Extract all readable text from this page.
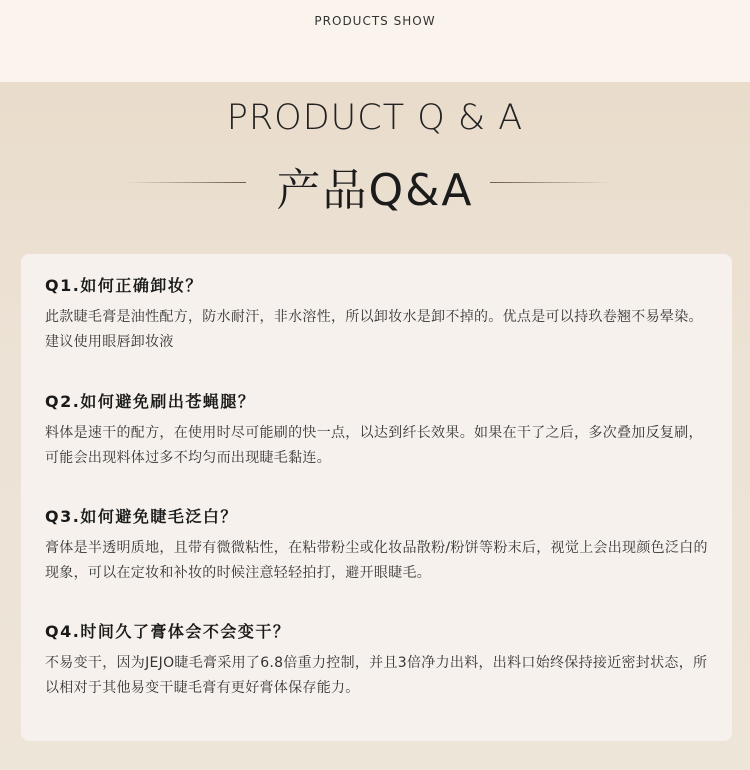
PRODUCTS SHOW
PRODUCT Q & A
产品Q&A
Q1.如何正确卸妆？
此款睫毛膏是油性配方，防水耐汗，非水溶性，所以卸妆水是卸不掉的。优点是可以持玖卷翘不易晕染。建议使用眼唇卸妆液
Q2.如何避免刷出苍蝇腿？
料体是速干的配方，在使用时尽可能刷的快一点，以达到纤长效果。如果在干了之后，多次叠加反复刷，可能会出现料体过多不均匀而出现睫毛黏连。
Q3.如何避免睫毛泛白？
膏体是半透明质地，且带有微微粘性，在粘带粉尘或化妆品散粉/粉饼等粉末后，视觉上会出现颜色泛白的现象，可以在定妆和补妆的时候注意轻轻拍打，避开眼睫毛。
Q4.时间久了膏体会不会变干？
不易变干，因为JEJO睫毛膏采用了6.8倍重力控制，并且3倍净力出料，出料口始终保持接近密封状态，所以相对于其他易变干睫毛膏有更好膏体保存能力。
